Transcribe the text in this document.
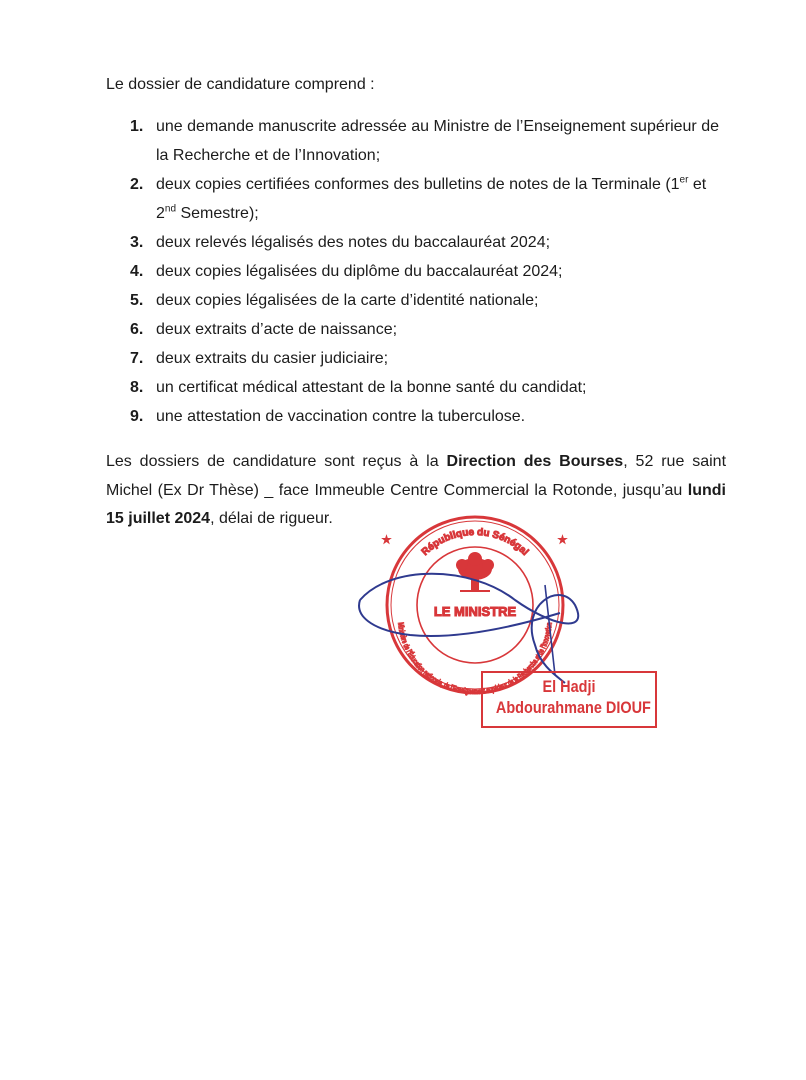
Le dossier de candidature comprend :

1. une demande manuscrite adressée au Ministre de l’Enseignement supérieur de la Recherche et de l’Innovation;
2. deux copies certifiées conformes des bulletins de notes de la Terminale (1er et 2nd Semestre);
3. deux relevés légalisés des notes du baccalauréat 2024;
4. deux copies légalisées du diplôme du baccalauréat 2024;
5. deux copies légalisées de la carte d’identité nationale;
6. deux extraits d’acte de naissance;
7. deux extraits du casier judiciaire;
8. un certificat médical attestant de la bonne santé du candidat;
9. une attestation de vaccination contre la tuberculose.

Les dossiers de candidature sont reçus à la Direction des Bourses, 52 rue saint Michel (Ex Dr Thèse) _ face Immeuble Centre Commercial la Rotonde, jusqu’au lundi 15 juillet 2024, délai de rigueur.

République du Sénégal
Ministère de l'Éducation nationale, de l'Enseignement supérieur de la Recherche et de l'Innovation
★	★
LE MINISTRE
El Hadji
Abdourahmane DIOUF
